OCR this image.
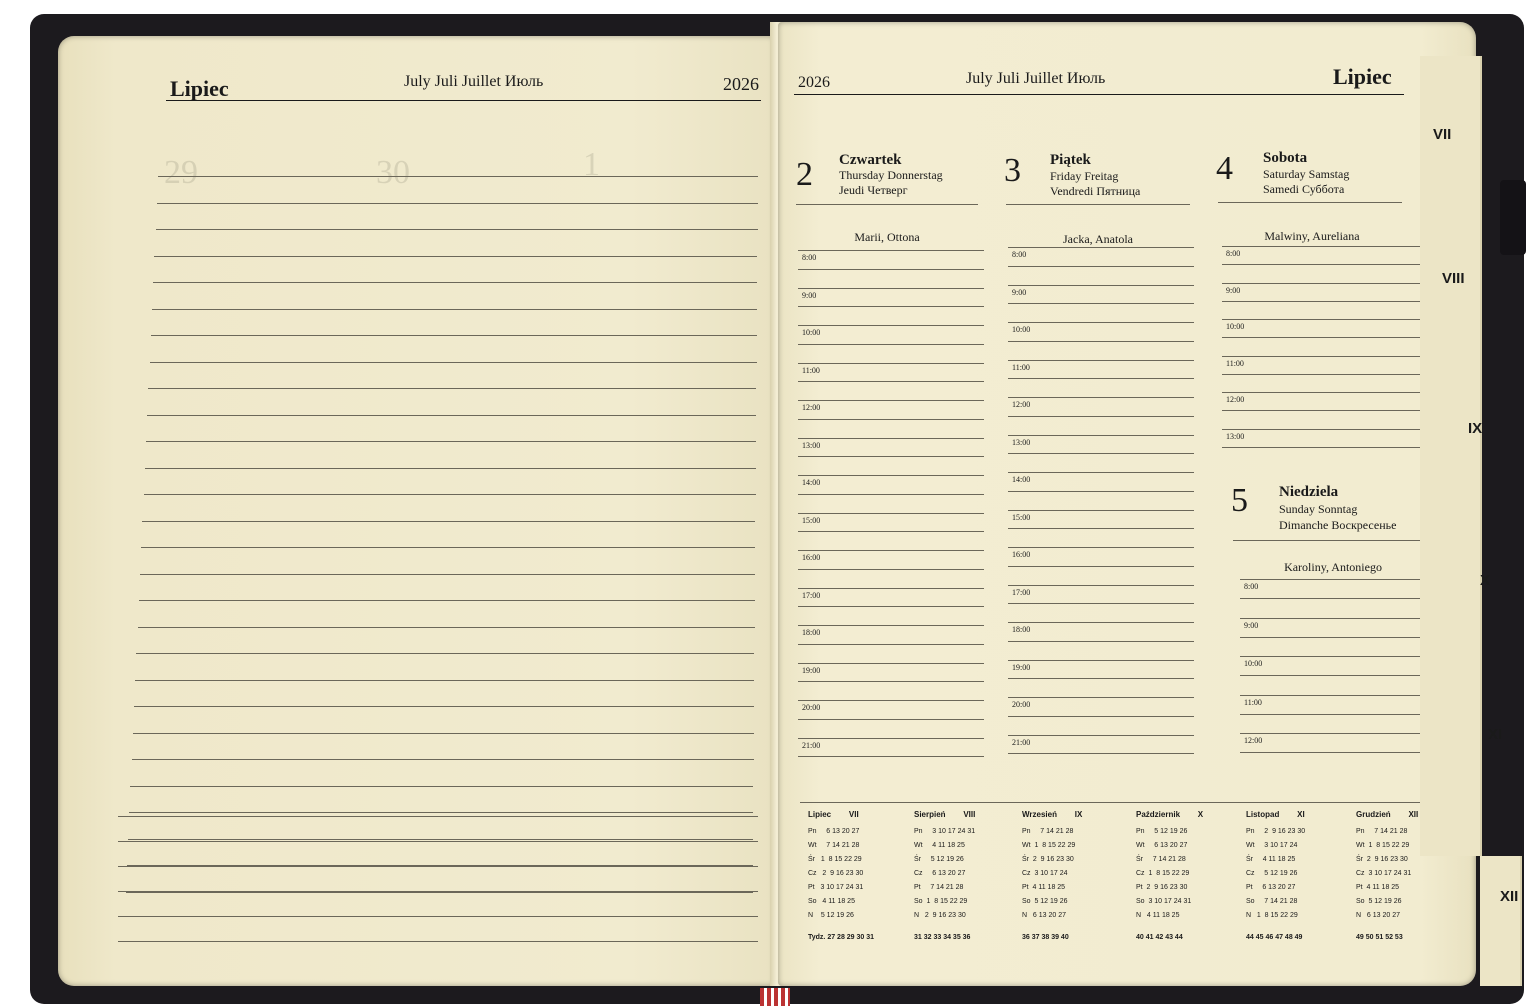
Lipiec	July Juli Juillet Июль	2026
29	30	1
2026	July Juli Juillet Июль	Lipiec
2 Czwartek
Thursday Donnerstag
Jeudi Четверг
Marii, Ottona
3 Piątek
Friday Freitag
Vendredi Пятница
Jacka, Anatola
4 Sobota
Saturday Samstag
Samedi Суббота
Malwiny, Aureliana
5 Niedziela
Sunday Sonntag
Dimanche Воскресенье
Karoliny, Antoniego
8:00
9:00
10:00
11:00
12:00
13:00
14:00
15:00
16:00
17:00
18:00
19:00
20:00
21:00
8:00
9:00
10:00
11:00
12:00
13:00
14:00
15:00
16:00
17:00
18:00
19:00
20:00
21:00
8:00
9:00
10:00
11:00
12:00
13:00
8:00
9:00
10:00
11:00
12:00
Lipiec        VII
Pn     6 13 20 27
Wt     7 14 21 28
Śr   1  8 15 22 29
Cz   2  9 16 23 30
Pt   3 10 17 24 31
So   4 11 18 25
N    5 12 19 26
Tydz. 27 28 29 30 31
Sierpień        VIII
Pn     3 10 17 24 31
Wt     4 11 18 25
Śr     5 12 19 26
Cz     6 13 20 27
Pt     7 14 21 28
So  1  8 15 22 29
N   2  9 16 23 30
31 32 33 34 35 36
Wrzesień        IX
Pn     7 14 21 28
Wt  1  8 15 22 29
Śr  2  9 16 23 30
Cz  3 10 17 24
Pt  4 11 18 25
So  5 12 19 26
N   6 13 20 27
36 37 38 39 40
Październik        X
Pn     5 12 19 26
Wt     6 13 20 27
Śr     7 14 21 28
Cz  1  8 15 22 29
Pt  2  9 16 23 30
So  3 10 17 24 31
N   4 11 18 25
40 41 42 43 44
Listopad        XI
Pn     2  9 16 23 30
Wt     3 10 17 24
Śr     4 11 18 25
Cz     5 12 19 26
Pt     6 13 20 27
So     7 14 21 28
N   1  8 15 22 29
44 45 46 47 48 49
Grudzień        XII
Pn     7 14 21 28
Wt  1  8 15 22 29
Śr  2  9 16 23 30
Cz  3 10 17 24 31
Pt  4 11 18 25
So  5 12 19 26
N   6 13 20 27
49 50 51 52 53
VII
VIII
IX
X
XI
XII
